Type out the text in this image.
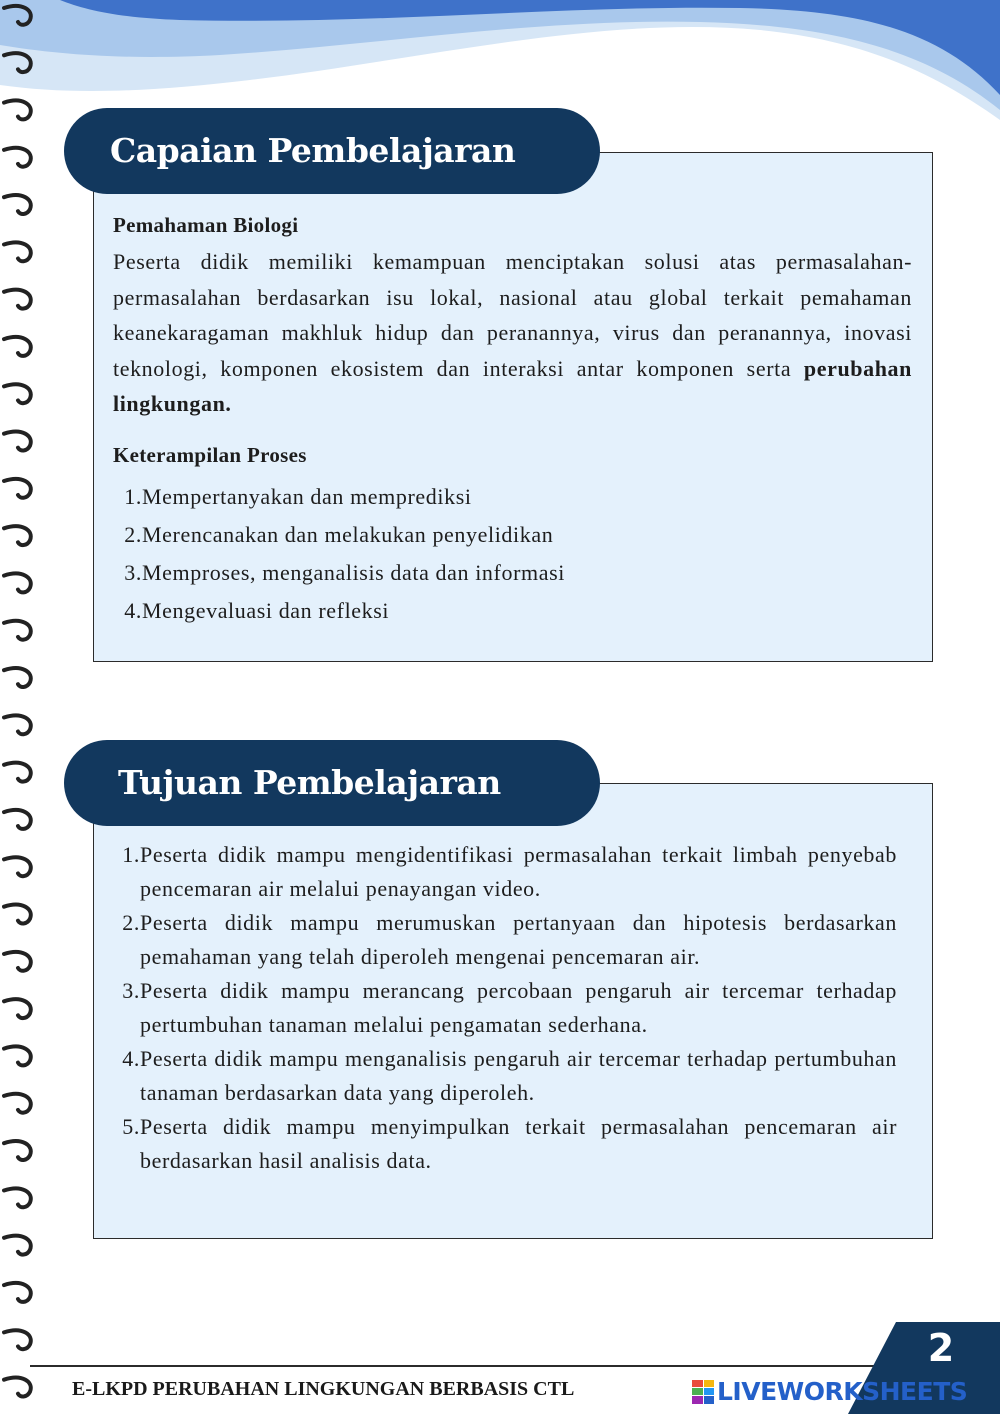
Capaian Pembelajaran

Pemahaman Biologi

Peserta didik memiliki kemampuan menciptakan solusi atas permasalahan-permasalahan berdasarkan isu lokal, nasional atau global terkait pemahaman keanekaragaman makhluk hidup dan peranannya, virus dan peranannya, inovasi teknologi, komponen ekosistem dan interaksi antar komponen serta perubahan lingkungan.

Keterampilan Proses

1. Mempertanyakan dan memprediksi
2. Merencanakan dan melakukan penyelidikan
3. Memproses, menganalisis data dan informasi
4. Mengevaluasi dan refleksi
Tujuan Pembelajaran
1. Peserta didik mampu mengidentifikasi permasalahan terkait limbah penyebab pencemaran air melalui penayangan video.
2. Peserta didik mampu merumuskan pertanyaan dan hipotesis berdasarkan pemahaman yang telah diperoleh mengenai pencemaran air.
3. Peserta didik mampu merancang percobaan pengaruh air tercemar terhadap pertumbuhan tanaman melalui pengamatan sederhana.
4. Peserta didik mampu menganalisis pengaruh air tercemar terhadap pertumbuhan tanaman berdasarkan data yang diperoleh.
5. Peserta didik mampu menyimpulkan terkait permasalahan pencemaran air berdasarkan hasil analisis data.
E-LKPD PERUBAHAN LINGKUNGAN BERBASIS CTL
2
LIVEWORKSHEETS
